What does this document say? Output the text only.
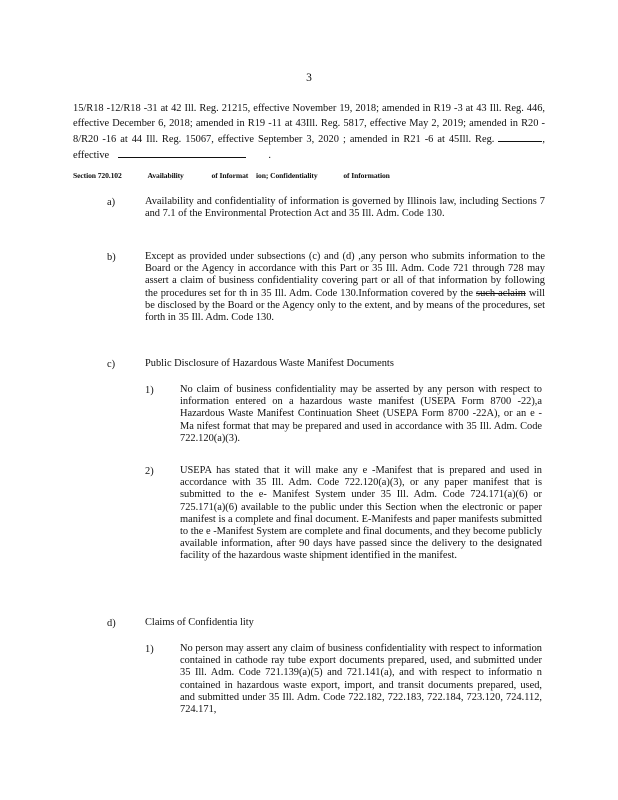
3
15/R18 -12/R18 -31 at 42 Ill. Reg. 21215, effective November 19, 2018; amended in R19 -3 at 43 Ill. Reg. 446, effective December 6, 2018; amended in R19 -11 at 43Ill. Reg. 5817, effective May 2, 2019; amended in R20 - 8/R20 -16 at 44 Ill. Reg. 15067, effective September 3, 2020 ; amended in R21 -6 at 45Ill. Reg.	, effective	.
Section 720.102	Availability	of Informat ion; Confidentiality	of Information
a)	Availability and confidentiality of information is governed by Illinois law, including Sections 7 and 7.1 of the Environmental Protection Act and 35 Ill. Adm. Code 130.
b)	Except as provided under subsections (c) and (d) ,any person who submits information to the Board or the Agency in accordance with this Part or 35 Ill. Adm. Code 721 through 728 may assert a claim of business confidentiality covering part or all of that information by following the procedures set for th in 35 Ill. Adm. Code 130.Information covered by the such aclaim will be disclosed by the Board or the Agency only to the extent, and by means of the procedures, set forth in 35 Ill. Adm. Code 130.
c)	Public Disclosure of Hazardous Waste Manifest Documents
1)	No claim of business confidentiality may be asserted by any person with respect to information entered on a hazardous waste manifest (USEPA Form 8700 -22),a Hazardous Waste Manifest Continuation Sheet (USEPA Form 8700 -22A), or an e - Ma nifest format that may be prepared and used in accordance with 35 Ill. Adm. Code 722.120(a)(3).
2)	USEPA has stated that it will make any e -Manifest that is prepared and used in accordance with 35 Ill. Adm. Code 722.120(a)(3), or any paper manifest that is submitted to the e- Manifest System under 35 Ill. Adm. Code 724.171(a)(6) or 725.171(a)(6) available to the public under this Section when the electronic or paper manifest is a complete and final document. E-Manifests and paper manifests submitted to the e -Manifest System are complete and final documents, and they become publicly available information, after 90 days have passed since the delivery to the designated facility of the hazardous waste shipment identified in the manifest.
d)	Claims of Confidentia lity
1)	No person may assert any claim of business confidentiality with respect to information contained in cathode ray tube export documents prepared, used, and submitted under 35 Ill. Adm. Code 721.139(a)(5) and 721.141(a), and with respect to informatio n contained in hazardous waste export, import, and transit documents prepared, used, and submitted under 35 Ill. Adm. Code 722.182, 722.183, 722.184, 723.120, 724.112, 724.171,
